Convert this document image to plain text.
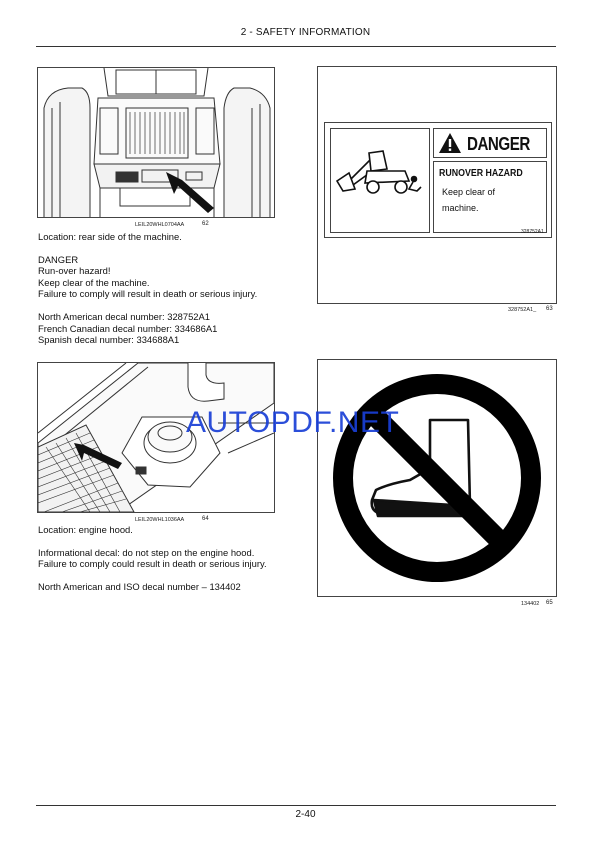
2 - SAFETY INFORMATION
LEIL20WHL0704AA	62
DANGER
RUNOVER HAZARD
Keep clear of
machine.
328752A1
328752A1_ 63

Location: rear side of the machine.

DANGER

Run-over hazard!

Keep clear of the machine.

Failure to comply will result in death or serious injury.

North American decal number: 328752A1

French Canadian decal number: 334686A1

Spanish decal number: 334688A1

LEIL20WHL1036AA	64
134402 65

Location: engine hood.

Informational decal: do not step on the engine hood.

Failure to comply could result in death or serious injury.

North American and ISO decal number – 134402

AUTOPDF.NET
2-40
